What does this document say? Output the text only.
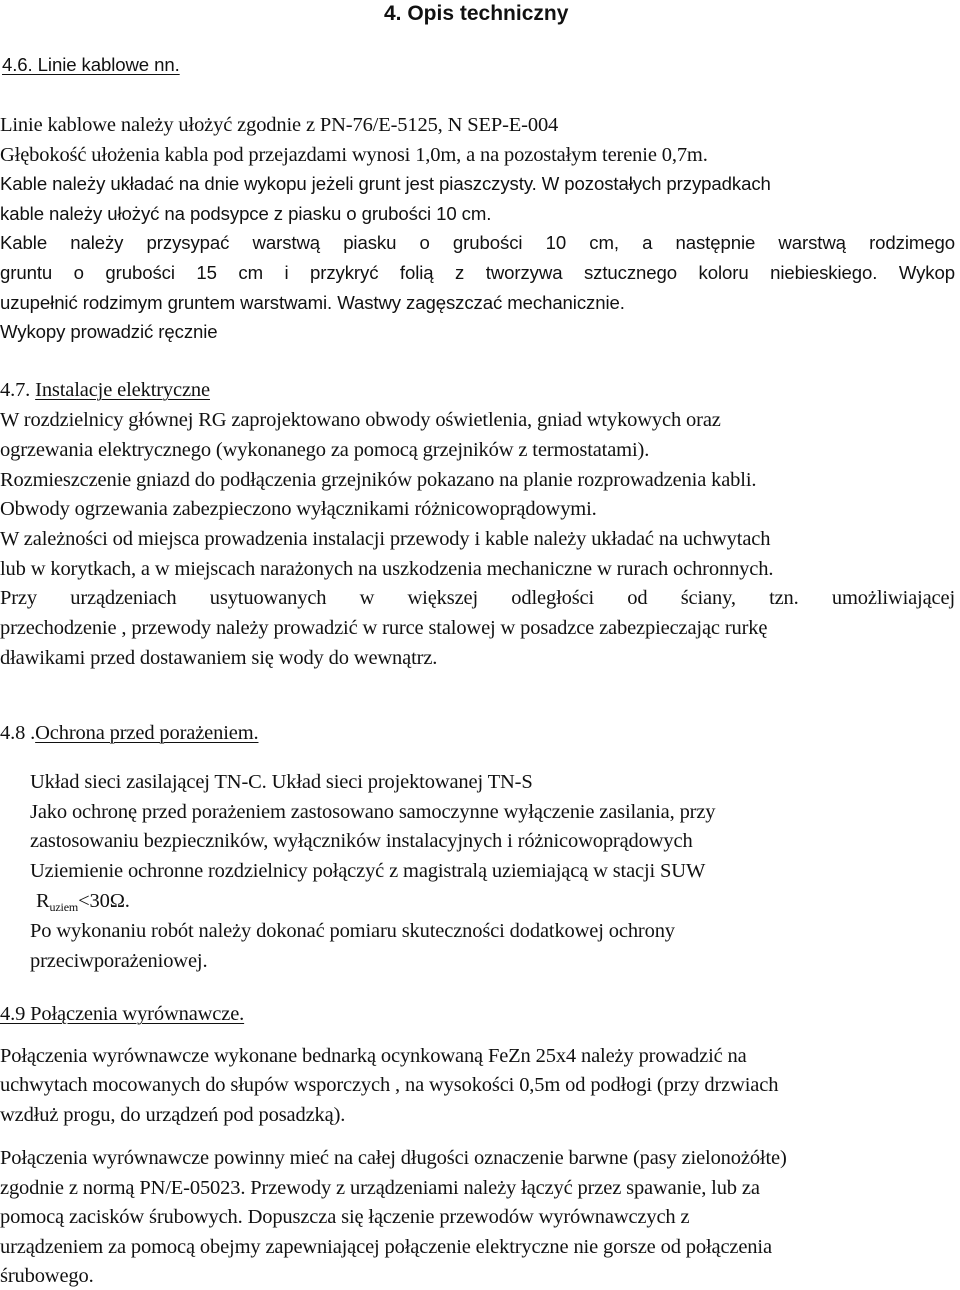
4. Opis techniczny
4.6. Linie kablowe nn.
Linie kablowe należy ułożyć zgodnie z PN-76/E-5125, N SEP-E-004
Głębokość ułożenia kabla pod przejazdami wynosi 1,0m, a na pozostałym terenie 0,7m.
Kable należy układać na dnie wykopu jeżeli grunt jest piaszczysty. W pozostałych przypadkach
kable należy ułożyć na podsypce z piasku o grubości 10 cm.
Kable należy przysypać warstwą piasku o grubości 10 cm, a następnie warstwą rodzimego
gruntu o grubości 15 cm i przykryć folią z tworzywa sztucznego koloru niebieskiego. Wykop
uzupełnić rodzimym gruntem warstwami. Wastwy zagęszczać mechanicznie.
Wykopy prowadzić ręcznie
4.7. Instalacje elektryczne
W rozdzielnicy głównej RG zaprojektowano obwody oświetlenia, gniad wtykowych oraz
ogrzewania elektrycznego (wykonanego za pomocą grzejników z termostatami).
Rozmieszczenie gniazd do podłączenia grzejników pokazano na planie rozprowadzenia kabli.
Obwody ogrzewania zabezpieczono wyłącznikami różnicowoprądowymi.
W zależności od miejsca prowadzenia instalacji przewody i kable należy układać na uchwytach
lub w korytkach, a w miejscach narażonych na uszkodzenia mechaniczne w rurach ochronnych.
Przy urządzeniach usytuowanych w większej odległości od ściany, tzn. umożliwiającej
przechodzenie , przewody należy prowadzić w rurce stalowej w posadzce zabezpieczając rurkę
dławikami przed dostawaniem się wody do wewnątrz.
4.8 .Ochrona przed porażeniem.
Układ sieci zasilającej TN-C. Układ sieci projektowanej TN-S
Jako ochronę przed porażeniem zastosowano samoczynne wyłączenie zasilania, przy
zastosowaniu bezpieczników, wyłączników instalacyjnych i różnicowoprądowych
Uziemienie ochronne rozdzielnicy połączyć z magistralą uziemiającą w stacji SUW
$R_{uziem}<30\Omega$.
Po wykonaniu robót należy dokonać pomiaru skuteczności dodatkowej ochrony
przeciwporażeniowej.
4.9 Połączenia wyrównawcze.
Połączenia wyrównawcze wykonane bednarką ocynkowaną FeZn 25x4 należy prowadzić na
uchwytach mocowanych do słupów wsporczych , na wysokości 0,5m od podłogi (przy drzwiach
wzdłuż progu, do urządzeń pod posadzką).
Połączenia wyrównawcze powinny mieć na całej długości oznaczenie barwne (pasy zielonożółte)
zgodnie z normą PN/E-05023. Przewody z urządzeniami należy łączyć przez spawanie, lub za
pomocą zacisków śrubowych. Dopuszcza się łączenie przewodów wyrównawczych z
urządzeniem za pomocą obejmy zapewniającej połączenie elektryczne nie gorsze od połączenia
śrubowego.
